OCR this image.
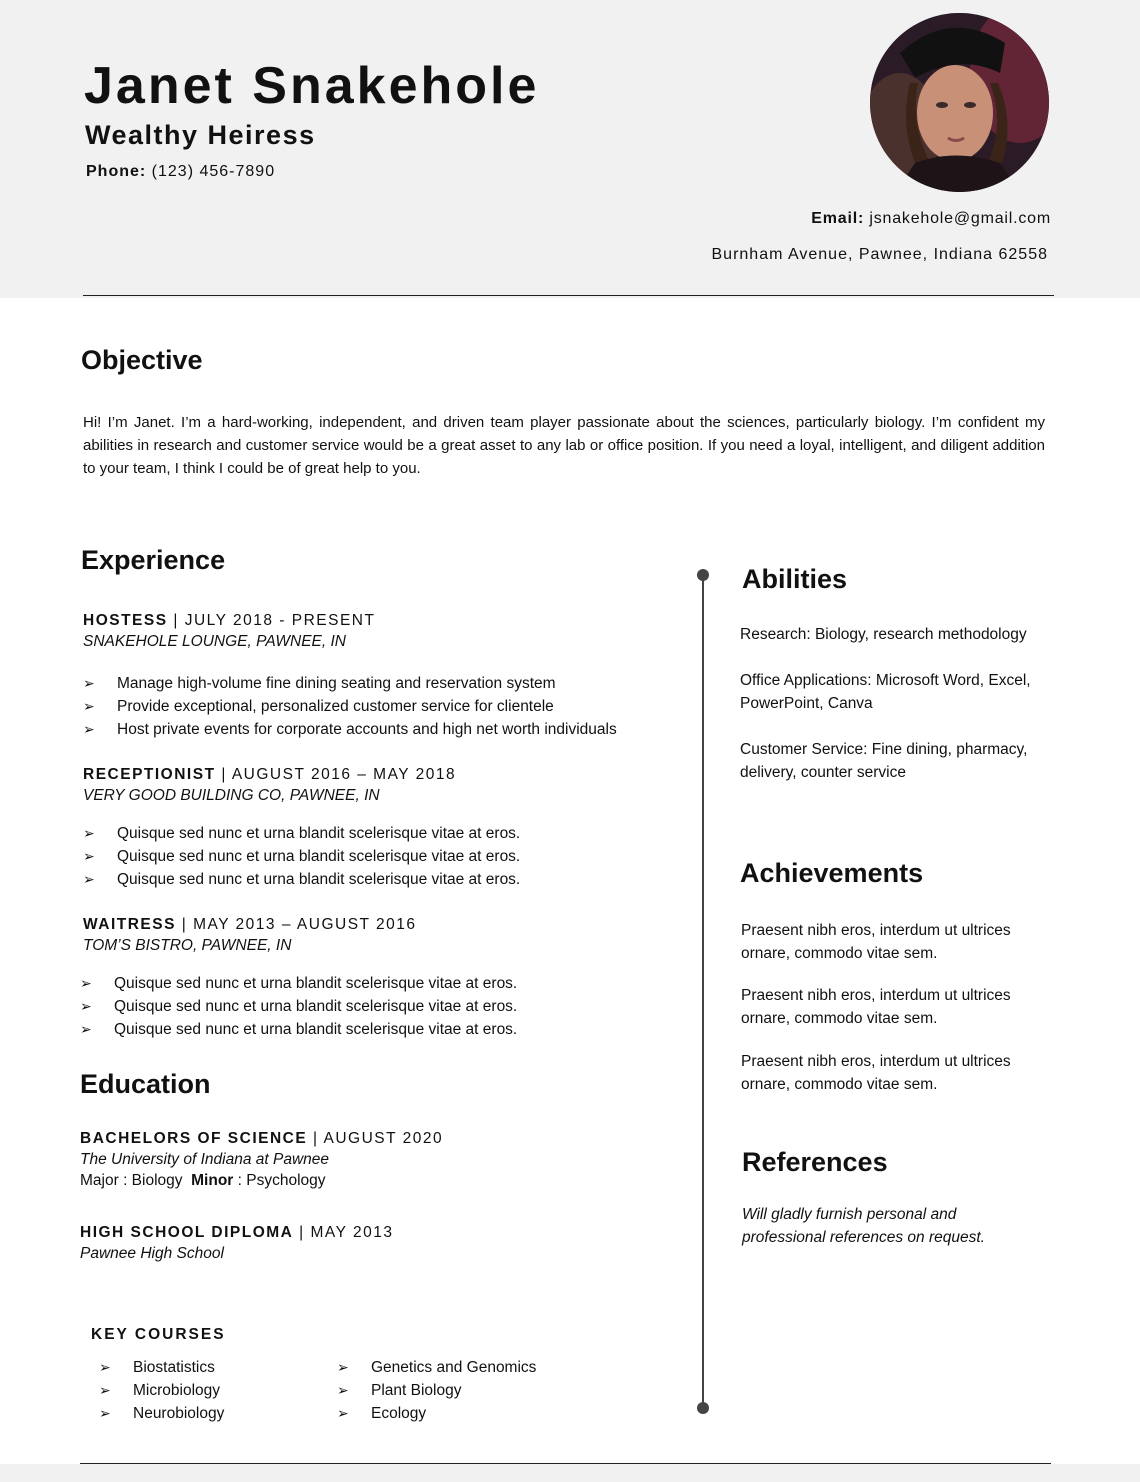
Janet Snakehole
Wealthy Heiress
Phone: (123) 456-7890
Email: jsnakehole@gmail.com
Burnham Avenue, Pawnee, Indiana 62558
Objective
Hi! I’m Janet. I’m a hard-working, independent, and driven team player passionate about the sciences, particularly biology. I’m confident my abilities in research and customer service would be a great asset to any lab or office position. If you need a loyal, intelligent, and diligent addition to your team, I think I could be of great help to you.
Experience
HOSTESS | JULY 2018 - PRESENT
SNAKEHOLE LOUNGE, PAWNEE, IN
➢ Manage high-volume fine dining seating and reservation system
➢ Provide exceptional, personalized customer service for clientele
➢ Host private events for corporate accounts and high net worth individuals
RECEPTIONIST | AUGUST 2016 – MAY 2018
VERY GOOD BUILDING CO, PAWNEE, IN
➢ Quisque sed nunc et urna blandit scelerisque vitae at eros.
➢ Quisque sed nunc et urna blandit scelerisque vitae at eros.
➢ Quisque sed nunc et urna blandit scelerisque vitae at eros.
WAITRESS | MAY 2013 – AUGUST 2016
TOM’S BISTRO, PAWNEE, IN
➢ Quisque sed nunc et urna blandit scelerisque vitae at eros.
➢ Quisque sed nunc et urna blandit scelerisque vitae at eros.
➢ Quisque sed nunc et urna blandit scelerisque vitae at eros.
Education
BACHELORS OF SCIENCE | AUGUST 2020
The University of Indiana at Pawnee
Major : Biology  Minor : Psychology
HIGH SCHOOL DIPLOMA | MAY 2013
Pawnee High School
KEY COURSES
➢ Biostatistics
➢ Microbiology
➢ Neurobiology
➢ Genetics and Genomics
➢ Plant Biology
➢ Ecology
Abilities
Research: Biology, research methodology
Office Applications: Microsoft Word, Excel, PowerPoint, Canva
Customer Service: Fine dining, pharmacy, delivery, counter service
Achievements
Praesent nibh eros, interdum ut ultrices ornare, commodo vitae sem.
Praesent nibh eros, interdum ut ultrices ornare, commodo vitae sem.
Praesent nibh eros, interdum ut ultrices ornare, commodo vitae sem.
References
Will gladly furnish personal and professional references on request.
